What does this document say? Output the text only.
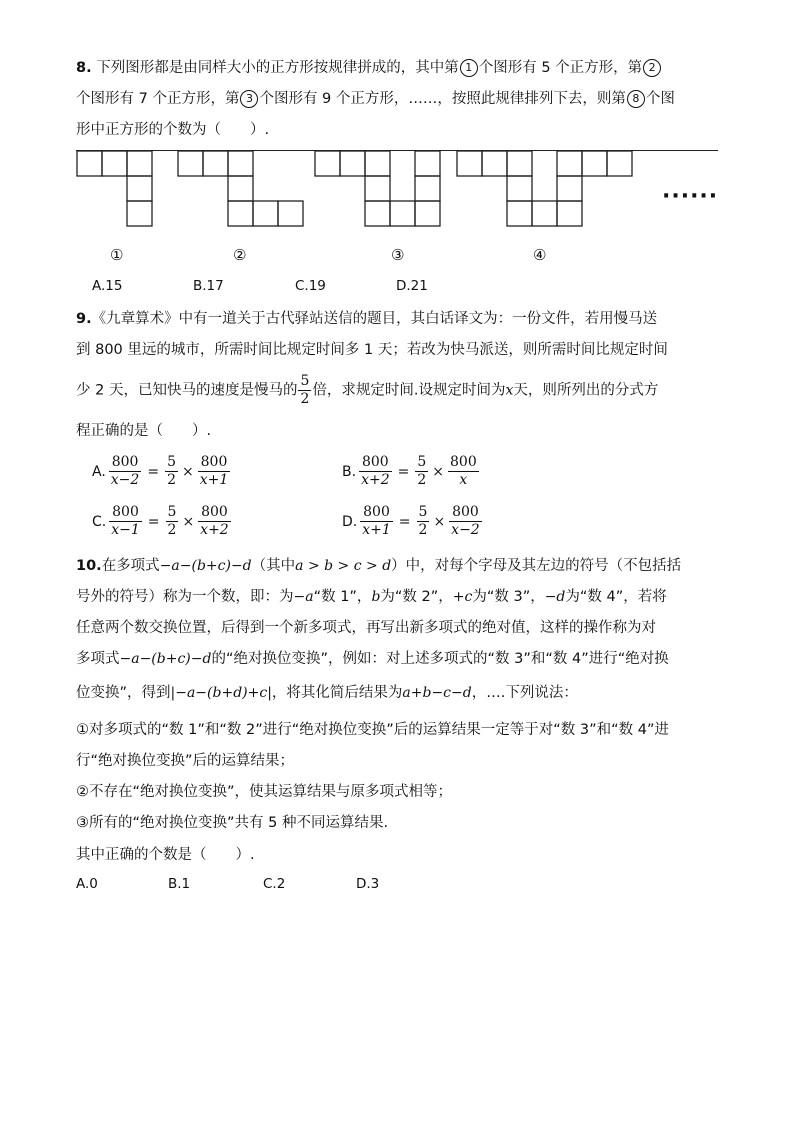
8. 下列图形都是由同样大小的正方形按规律拼成的，其中第 1 个图形有 5 个正方形，第 2
个图形有 7 个正方形，第 3 个图形有 9 个正方形，……，按照此规律排列下去，则第 8 个图
形中正方形的个数为（　　）.
······
①	②	③	④
A.15	B.17	C.19	D.21
9.《九章算术》中有一道关于古代驿站送信的题目，其白话译文为：一份文件，若用慢马送
到 800 里远的城市，所需时间比规定时间多 1 天；若改为快马派送，则所需时间比规定时间
少 2 天，已知快马的速度是慢马的 $\frac{5}{2}$ 倍，求规定时间.设规定时间为x天，则所列出的分式方
程正确的是（　　）.
A. $\frac{800}{x-2} = \frac{5}{2} \times \frac{800}{x+1}$	B. $\frac{800}{x+2} = \frac{5}{2} \times \frac{800}{x}$
C. $\frac{800}{x-1} = \frac{5}{2} \times \frac{800}{x+2}$	D. $\frac{800}{x+1} = \frac{5}{2} \times \frac{800}{x-2}$
10.在多项式−a−(b+c)−d（其中a > b > c > d）中，对每个字母及其左边的符号（不包括括
号外的符号）称为一个数，即：为−a“数 1”，b为“数 2”，+c为“数 3”，−d为“数 4”，若将
任意两个数交换位置，后得到一个新多项式，再写出新多项式的绝对值，这样的操作称为对
多项式−a−(b+c)−d的“绝对换位变换”，例如：对上述多项式的“数 3”和“数 4”进行“绝对换
位变换”，得到|−a−(b+d)+c|，将其化简后结果为a+b−c−d，….下列说法：
①对多项式的“数 1”和“数 2”进行“绝对换位变换”后的运算结果一定等于对“数 3”和“数 4”进
行“绝对换位变换”后的运算结果；
②不存在“绝对换位变换”，使其运算结果与原多项式相等；
③所有的“绝对换位变换”共有 5 种不同运算结果.
其中正确的个数是（　　）.
A.0	B.1	C.2	D.3
